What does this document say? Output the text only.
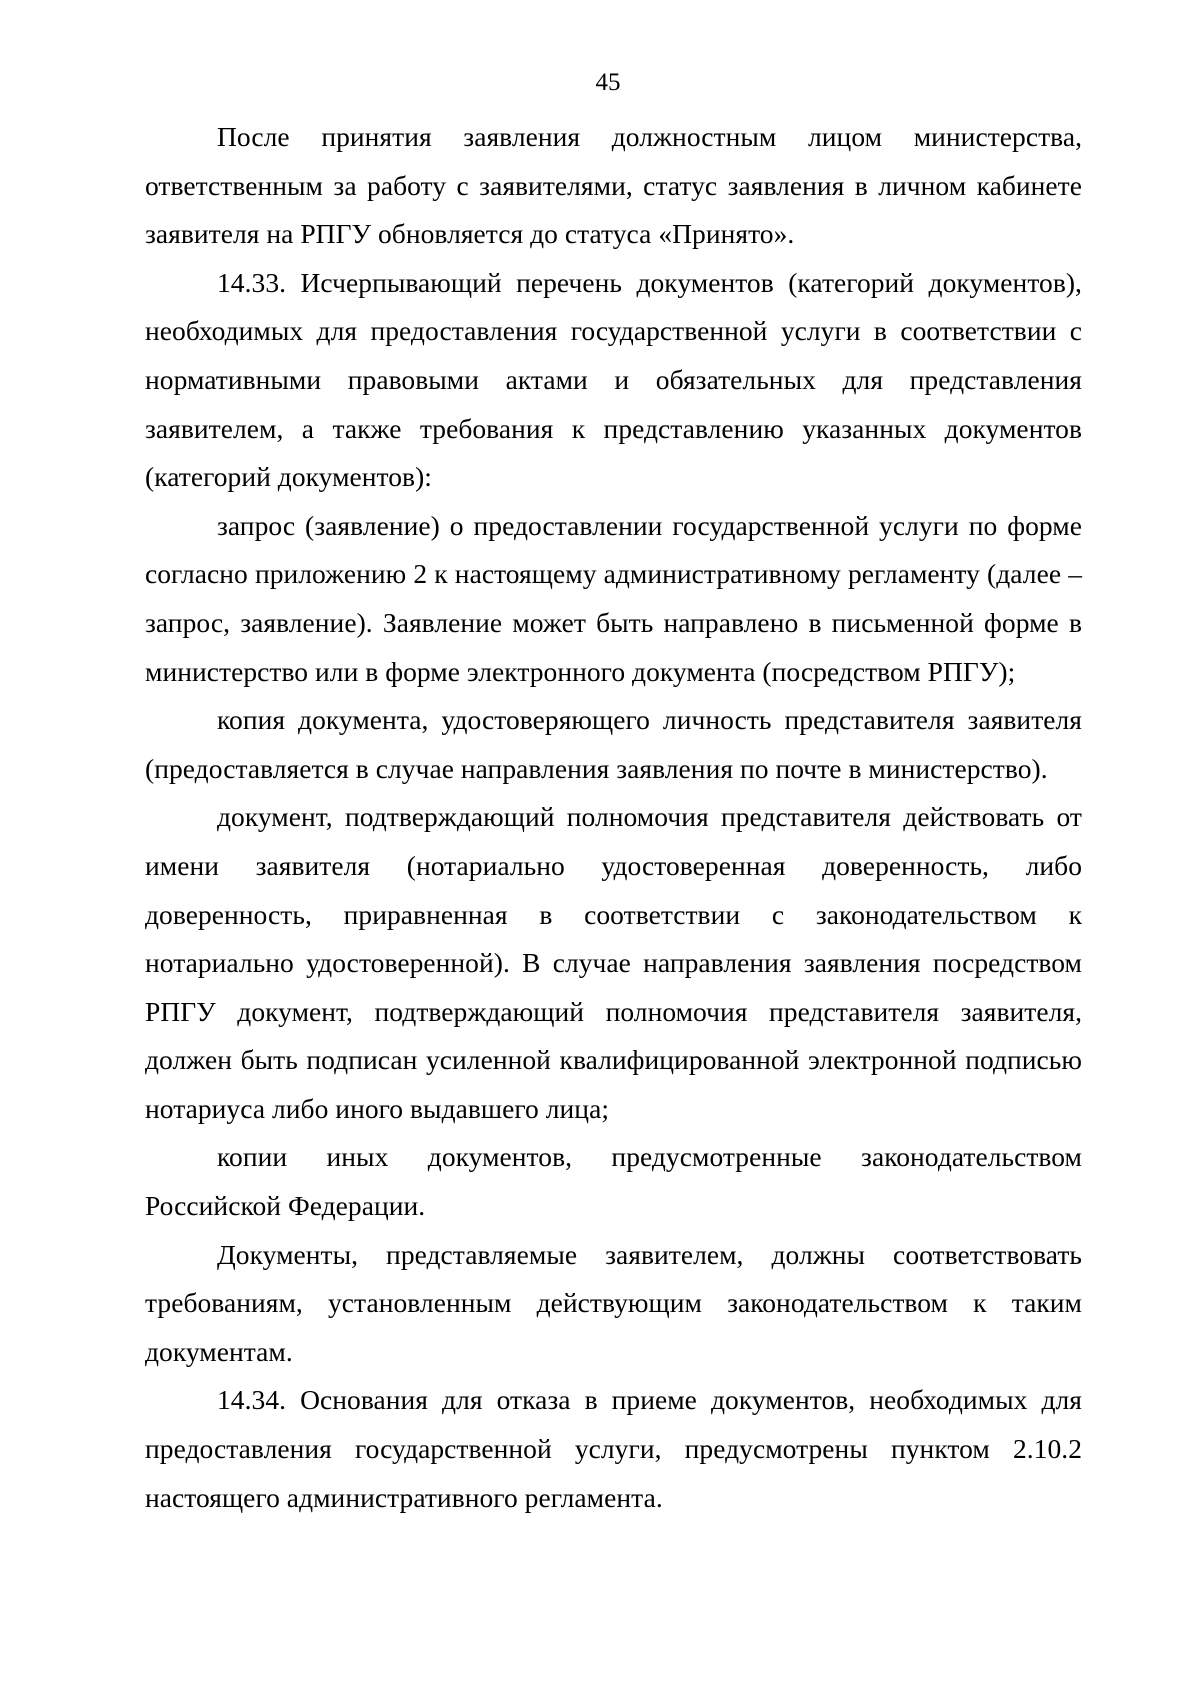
45

После принятия заявления должностным лицом министерства, ответственным за работу с заявителями, статус заявления в личном кабинете заявителя на РПГУ обновляется до статуса «Принято».

14.33. Исчерпывающий перечень документов (категорий документов), необходимых для предоставления государственной услуги в соответствии с нормативными правовыми актами и обязательных для представления заявителем, а также требования к представлению указанных документов (категорий документов):

запрос (заявление) о предоставлении государственной услуги по форме согласно приложению 2 к настоящему административному регламенту (далее – запрос, заявление). Заявление может быть направлено в письменной форме в министерство или в форме электронного документа (посредством РПГУ);

копия документа, удостоверяющего личность представителя заявителя (предоставляется в случае направления заявления по почте в министерство).

документ, подтверждающий полномочия представителя действовать от имени заявителя (нотариально удостоверенная доверенность, либо доверенность, приравненная в соответствии с законодательством к нотариально удостоверенной). В случае направления заявления посредством РПГУ документ, подтверждающий полномочия представителя заявителя, должен быть подписан усиленной квалифицированной электронной подписью нотариуса либо иного выдавшего лица;

копии иных документов, предусмотренные законодательством Российской Федерации.

Документы, представляемые заявителем, должны соответствовать требованиям, установленным действующим законодательством к таким документам.

14.34. Основания для отказа в приеме документов, необходимых для предоставления государственной услуги, предусмотрены пунктом 2.10.2 настоящего административного регламента.
